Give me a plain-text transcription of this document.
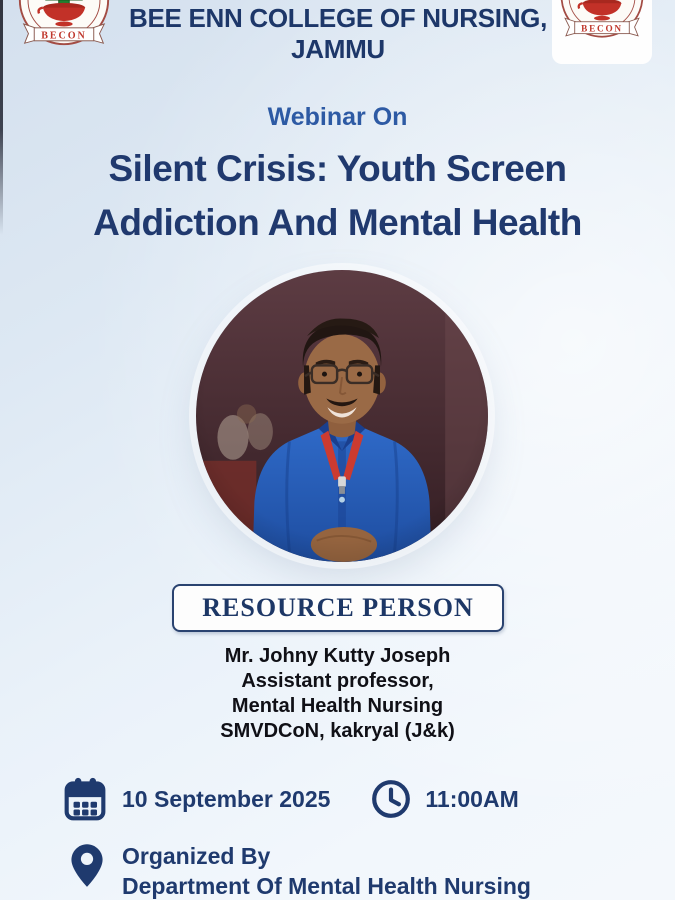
BECON
BECON
BEE ENN COLLEGE OF NURSING, JAMMU
Webinar On
Silent Crisis: Youth Screen
Addiction And Mental Health
RESOURCE PERSON
Mr. Johny Kutty Joseph
Assistant professor,
Mental Health Nursing
SMVDCoN, kakryal (J&k)
10 September 2025	11:00AM
Organized By
Department Of Mental Health Nursing
